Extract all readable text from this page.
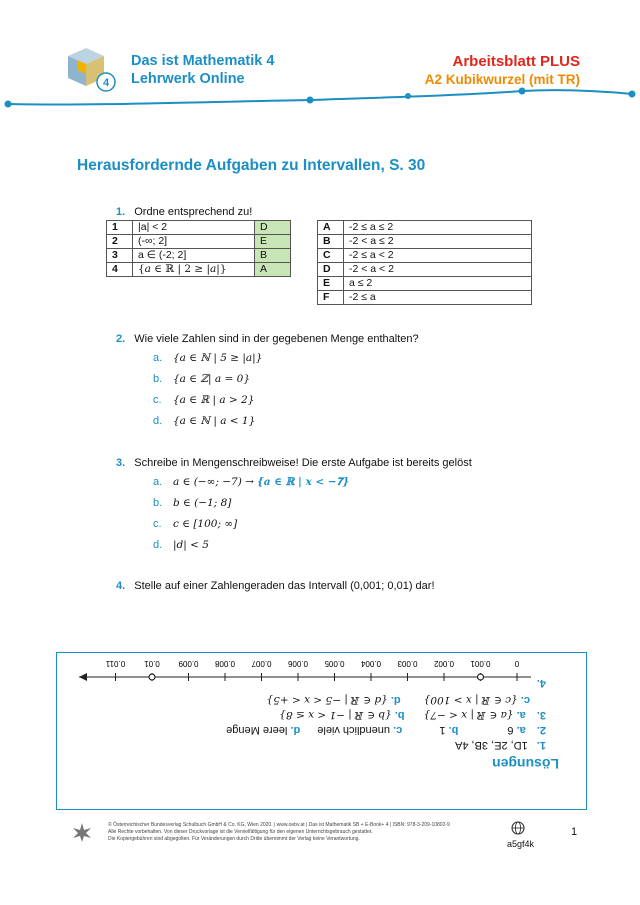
4
Das ist Mathematik 4
Lehrwerk Online
Arbeitsblatt PLUS
A2 Kubikwurzel (mit TR)
Herausfordernde Aufgaben zu Intervallen, S. 30
1. Ordne entsprechend zu!
1	|a| < 2	D
2	(-∞; 2]	E
3	a ∈ (-2; 2]	B
4	{𝑎 ∈ ℝ | 2 ≥ |𝑎|}	A
A	-2 ≤ a ≤ 2
B	-2 < a ≤ 2
C	-2 ≤ a < 2
D	-2 < a < 2
E	a ≤ 2
F	-2 ≤ a
2. Wie viele Zahlen sind in der gegebenen Menge enthalten?
a. {𝑎 ∈ ℕ | 5 ≥ |𝑎|}
b. {𝑎 ∈ ℤ| 𝑎 = 0}
c. {𝑎 ∈ ℝ | 𝑎 > 2}
d. {𝑎 ∈ ℕ | 𝑎 < 1}
3. Schreibe in Mengenschreibweise! Die erste Aufgabe ist bereits gelöst
a. 𝑎 ∈ (−∞; −7) → {𝒂 ∈ ℝ | 𝒙 < −𝟕}
b. 𝑏 ∈ (−1; 8]
c. 𝑐 ∈ [100; ∞]
d. |𝑑| < 5
4. Stelle auf einer Zahlengeraden das Intervall (0,001; 0,01) dar!
Lösungen
1. 1D, 2E, 3B, 4A
2. a. 6 b. 1 c. unendlich viele d. leere Menge
3. a. {𝑎 ∈ ℝ | 𝑥 < −7} b. {𝑏 ∈ ℝ | −1 < 𝑥 ≤ 8}
c. {𝑐 ∈ ℝ | 𝑥 > 100} d. {𝑑 ∈ ℝ | −5 < 𝑥 < +5}
4.
0
0.001
0.002
0.003
0.004
0.005
0.006
0.007
0.008
0.009
0.01
0.011
© Österreichischer Bundesverlag Schulbuch GmbH & Co. KG, Wien 2020. | www.oebv.at | Das ist Mathematik SB + E-Book+ 4 | ISBN: 978-3-209-10802-9
Alle Rechte vorbehalten. Von dieser Druckvorlage ist die Vervielfältigung für den eigenen Unterrichtsgebrauch gestattet.
Die Kopiergebühren sind abgegolten. Für Veränderungen durch Dritte übernimmt der Verlag keine Verantwortung.	a5gf4k
1
